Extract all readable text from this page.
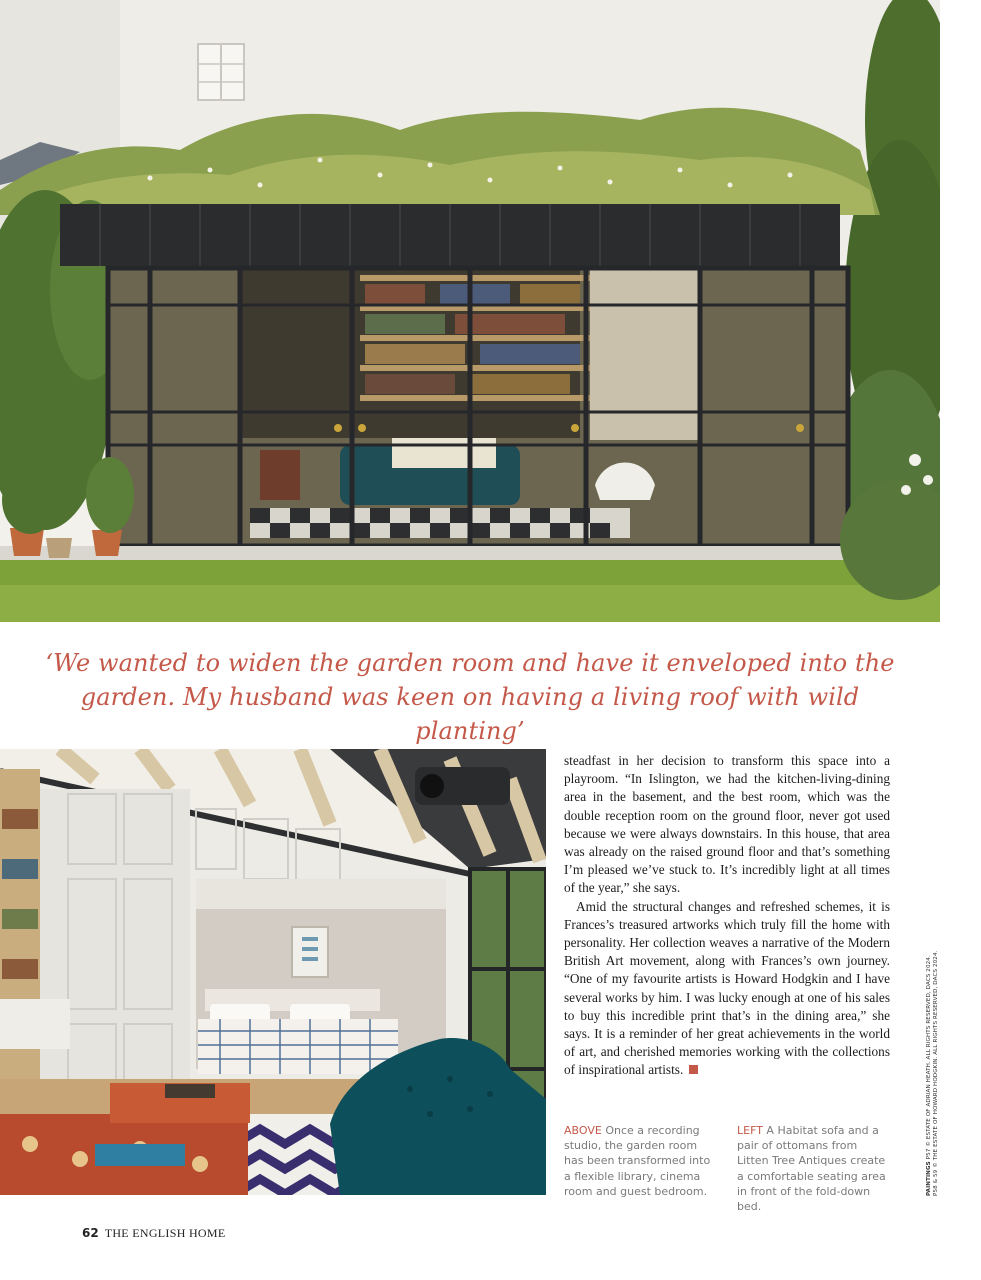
‘We wanted to widen the garden room and have it enveloped into the garden. My husband was keen on having a living roof with wild planting’

steadfast in her decision to transform this space into a playroom. “In Islington, we had the kitchen-living-dining area in the basement, and the best room, which was the double reception room on the ground floor, never got used because we were always downstairs. In this house, that area was already on the raised ground floor and that’s something I’m pleased we’ve stuck to. It’s incredibly light at all times of the year,” she says.

Amid the structural changes and refreshed schemes, it is Frances’s treasured artworks which truly fill the home with personality. Her collection weaves a narrative of the Modern British Art movement, along with Frances’s own journey. “One of my favourite artists is Howard Hodgkin and I have several works by him. I was lucky enough at one of his sales to buy this incredible print that’s in the dining area,” she says. It is a reminder of her great achievements in the world of art, and cherished memories working with the collections of inspirational artists.

ABOVE Once a recording studio, the garden room has been transformed into a flexible library, cinema room and guest bedroom.
LEFT A Habitat sofa and a pair of ottomans from Litten Tree Antiques create a comfortable seating area in front of the fold-down bed.
PAINTINGS P57 © ESTATE OF ADRIAN HEATH. ALL RIGHTS RESERVED, DACS 2024. P58 & 59 © THE ESTATE OF HOWARD HODGKIN. ALL RIGHTS RESERVED, DACS 2024.
62 THE ENGLISH HOME
